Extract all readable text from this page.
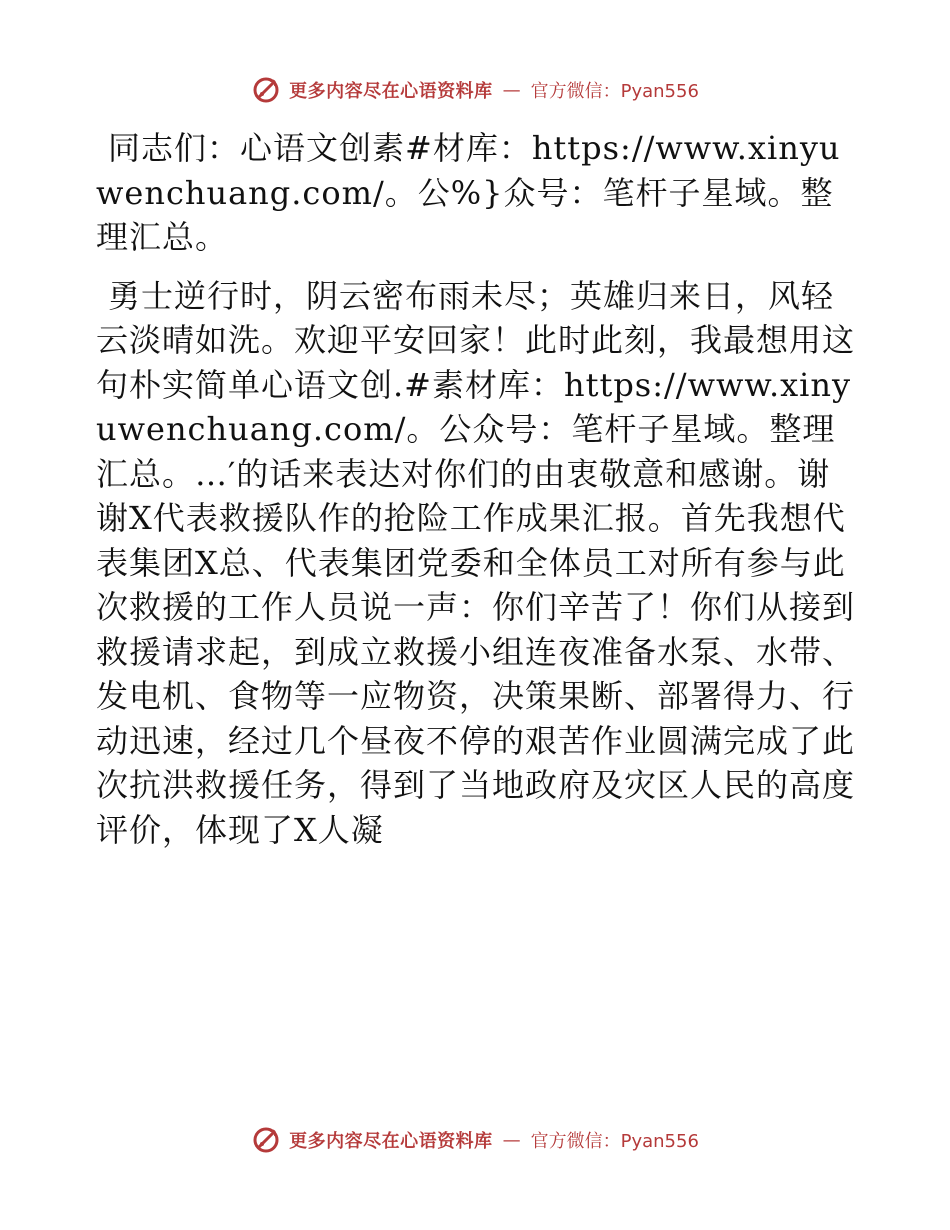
更多内容尽在心语资料库 — 官方微信：Pyan556

同志们：心语文创素#材库：https://www.xinyuwenchuang.com/。公%}众号：笔杆子星域。整理汇总。

勇士逆行时，阴云密布雨未尽；英雄归来日，风轻云淡晴如洗。欢迎平安回家！此时此刻，我最想用这句朴实简单心语文创.#素材库：https://www.xinyuwenchuang.com/。公众号：笔杆子星域。整理汇总。…′的话来表达对你们的由衷敬意和感谢。谢谢X代表救援队作的抢险工作成果汇报。首先我想代表集团X总、代表集团党委和全体员工对所有参与此次救援的工作人员说一声：你们辛苦了！你们从接到救援请求起，到成立救援小组连夜准备水泵、水带、发电机、食物等一应物资，决策果断、部署得力、行动迅速，经过几个昼夜不停的艰苦作业圆满完成了此次抗洪救援任务，得到了当地政府及灾区人民的高度评价，体现了X人凝

更多内容尽在心语资料库 — 官方微信：Pyan556
